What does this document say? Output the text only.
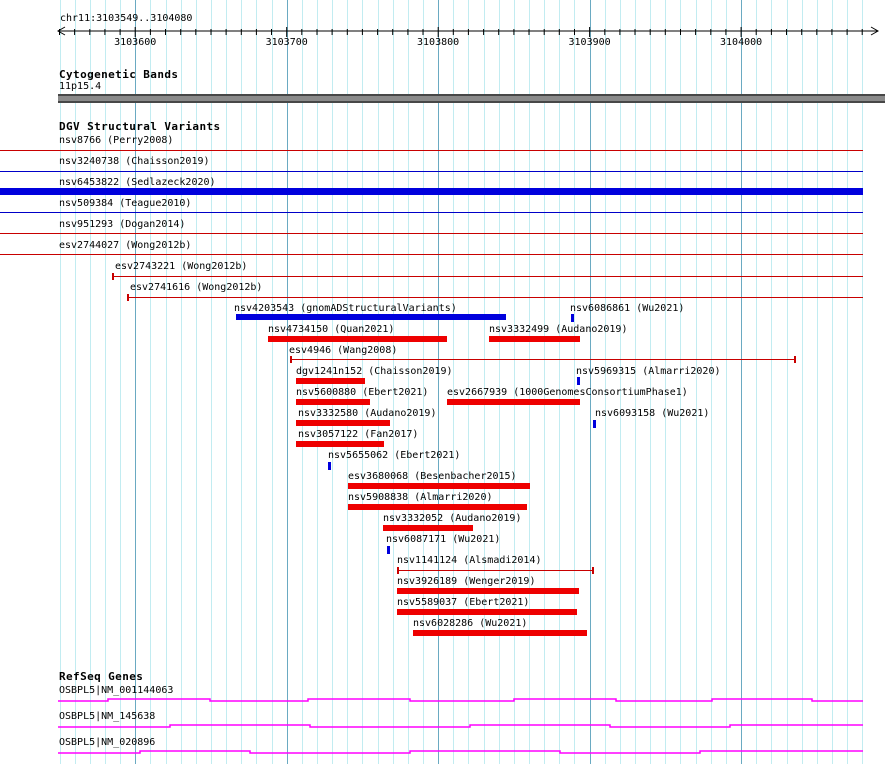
chr11:3103549..3104080
3103600	3103700	3103800	3103900	3104000
Cytogenetic Bands
11p15.4
DGV Structural Variants
nsv8766 (Perry2008)
nsv3240738 (Chaisson2019)
nsv6453822 (Sedlazeck2020)
nsv509384 (Teague2010)
nsv951293 (Dogan2014)
esv2744027 (Wong2012b)
esv2743221 (Wong2012b)
esv2741616 (Wong2012b)
nsv4203543 (gnomADStructuralVariants)	nsv6086861 (Wu2021)
nsv4734150 (Quan2021)	nsv3332499 (Audano2019)
esv4946 (Wang2008)
dgv1241n152 (Chaisson2019)	nsv5969315 (Almarri2020)
nsv5600880 (Ebert2021) esv2667939 (1000GenomesConsortiumPhase1)
nsv3332580 (Audano2019)	nsv6093158 (Wu2021)
nsv3057122 (Fan2017)
nsv5655062 (Ebert2021)
esv3680068 (Besenbacher2015)
nsv5908838 (Almarri2020)
nsv3332052 (Audano2019)
nsv6087171 (Wu2021)
nsv1141124 (Alsmadi2014)
nsv3926189 (Wenger2019)
nsv5589037 (Ebert2021)
nsv6028286 (Wu2021)
RefSeq Genes
OSBPL5|NM_001144063
OSBPL5|NM_145638
OSBPL5|NM_020896
